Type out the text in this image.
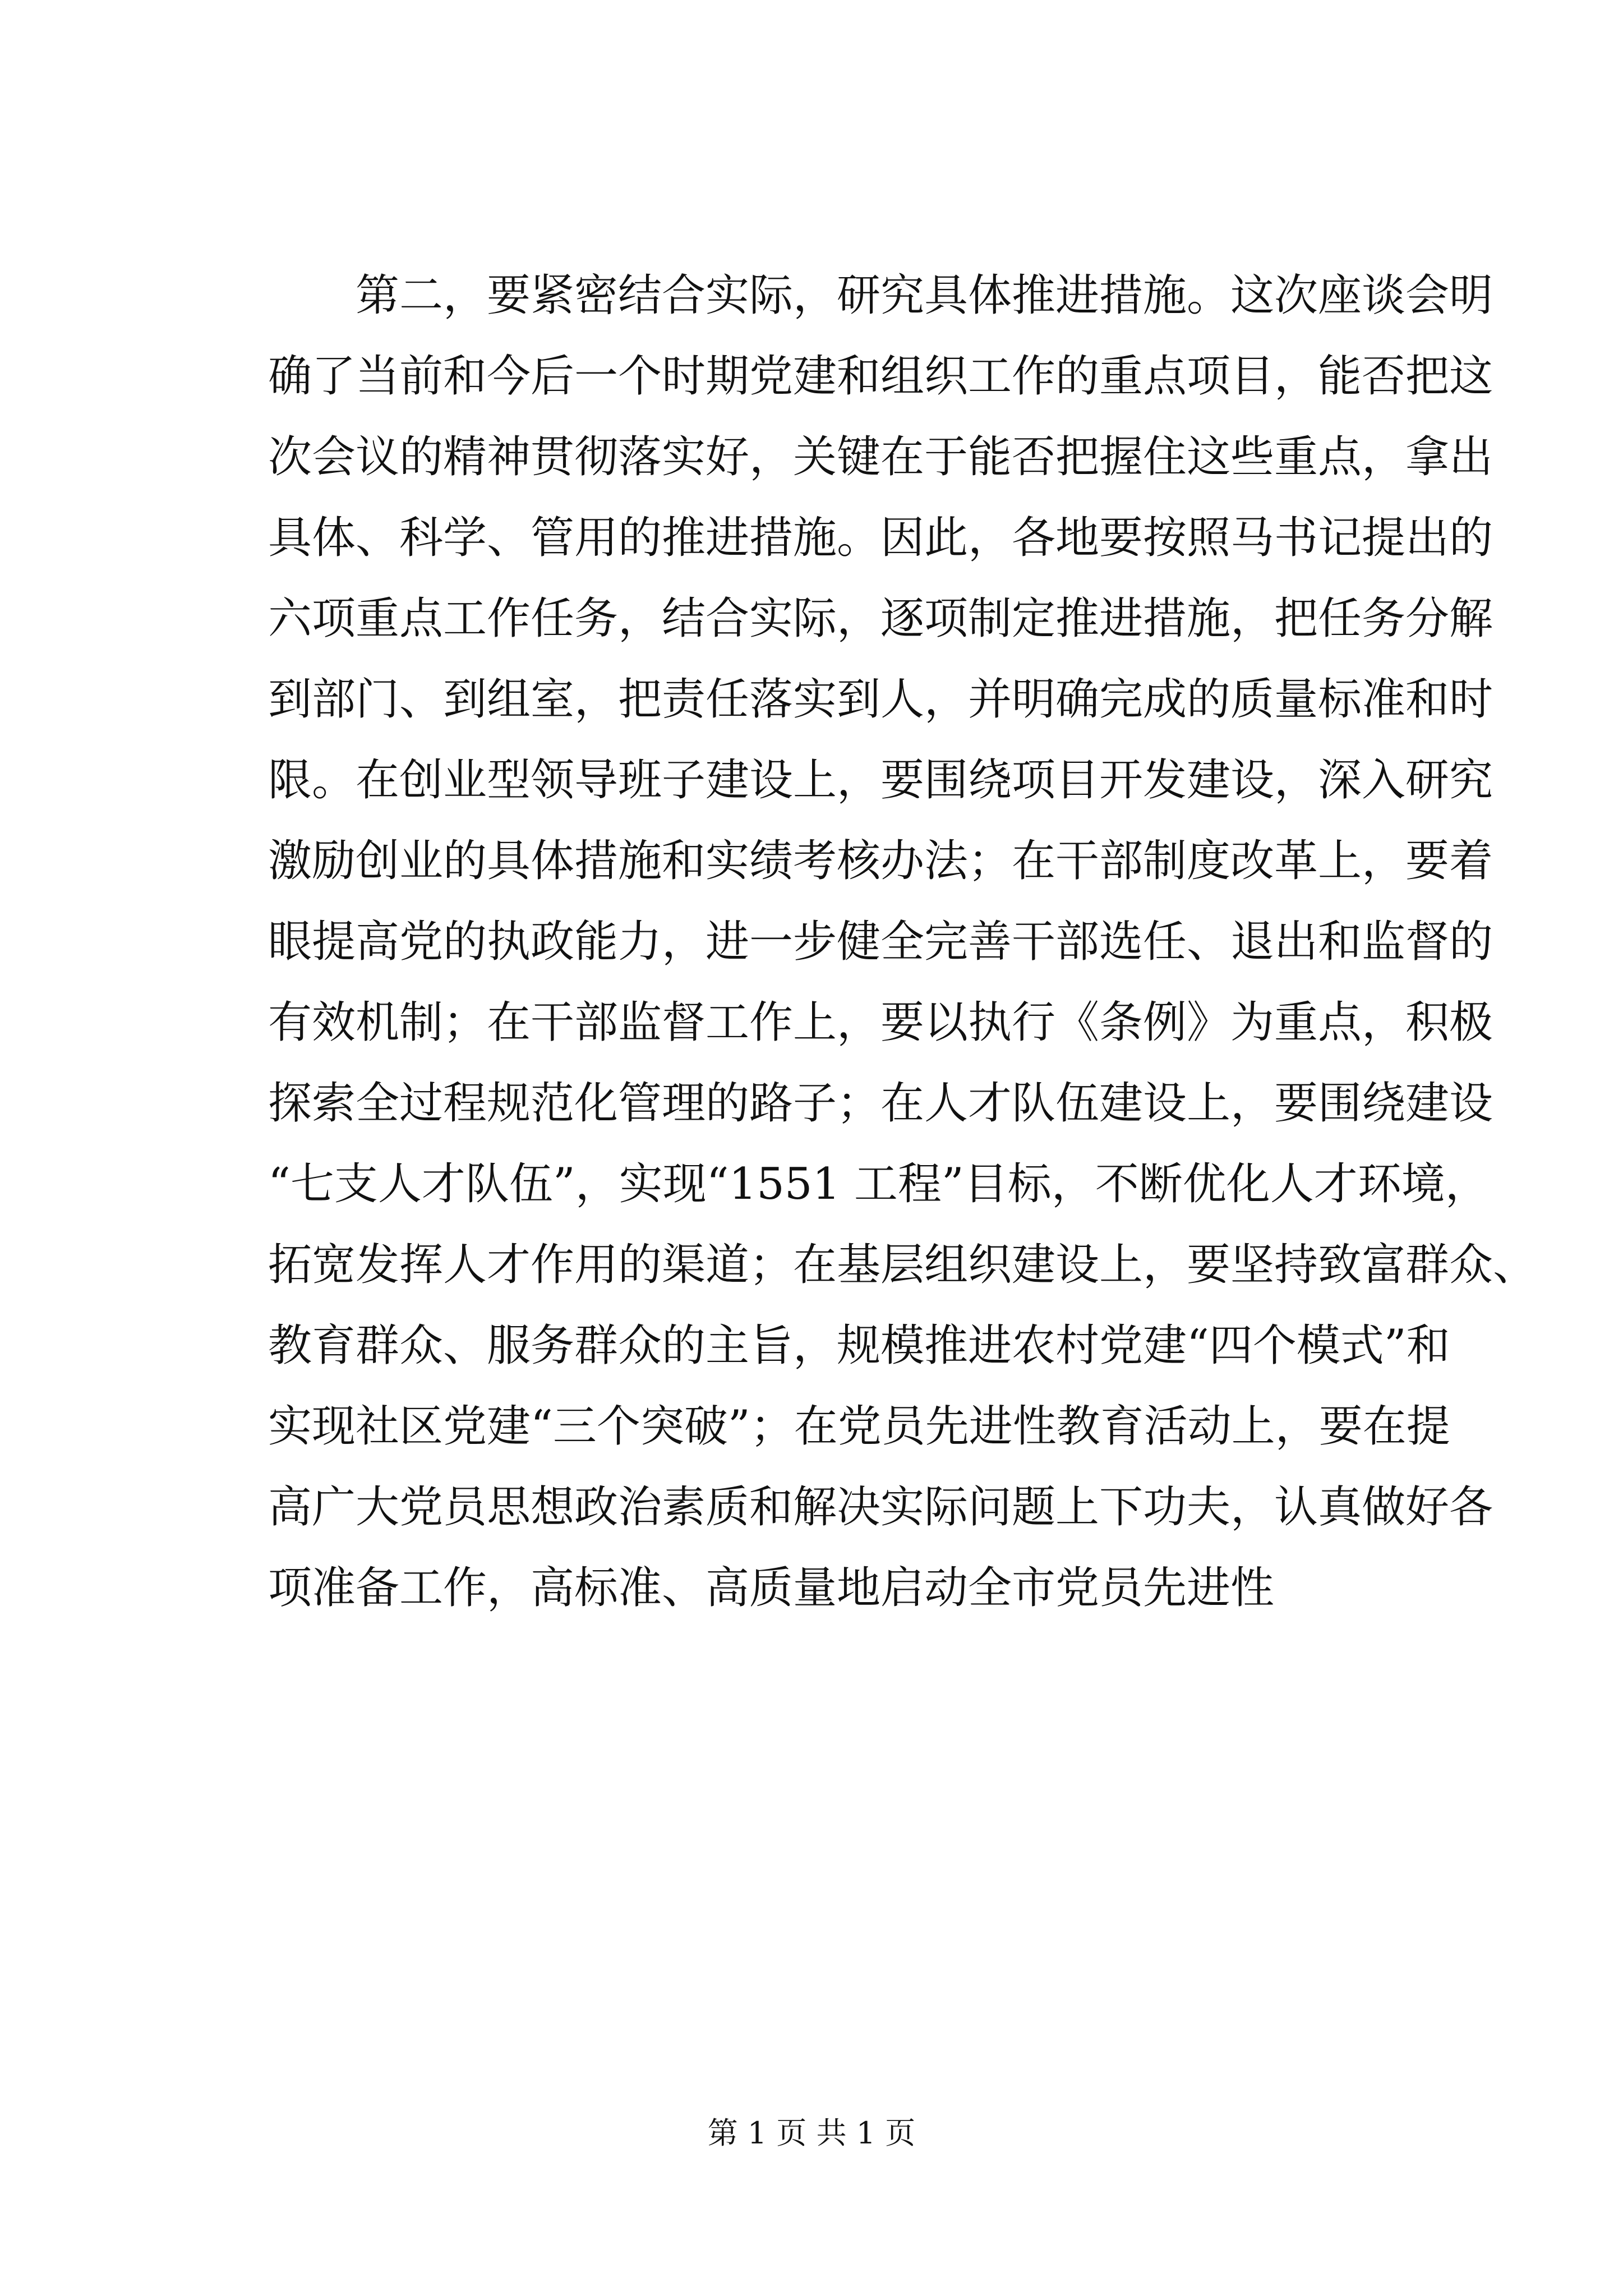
第二，要紧密结合实际，研究具体推进措施。这次座谈会明
确了当前和今后一个时期党建和组织工作的重点项目，能否把这
次会议的精神贯彻落实好，关键在于能否把握住这些重点，拿出
具体、科学、管用的推进措施。因此，各地要按照马书记提出的
六项重点工作任务，结合实际，逐项制定推进措施，把任务分解
到部门、到组室，把责任落实到人，并明确完成的质量标准和时
限。在创业型领导班子建设上，要围绕项目开发建设，深入研究
激励创业的具体措施和实绩考核办法；在干部制度改革上，要着
眼提高党的执政能力，进一步健全完善干部选任、退出和监督的
有效机制；在干部监督工作上，要以执行《条例》为重点，积极
探索全过程规范化管理的路子；在人才队伍建设上，要围绕建设
“七支人才队伍”，实现“1551 工程”目标，不断优化人才环境，
拓宽发挥人才作用的渠道；在基层组织建设上，要坚持致富群众、
教育群众、服务群众的主旨，规模推进农村党建“四个模式”和
实现社区党建“三个突破”；在党员先进性教育活动上，要在提
高广大党员思想政治素质和解决实际问题上下功夫，认真做好各
项准备工作，高标准、高质量地启动全市党员先进性
第 1 页 共 1 页
